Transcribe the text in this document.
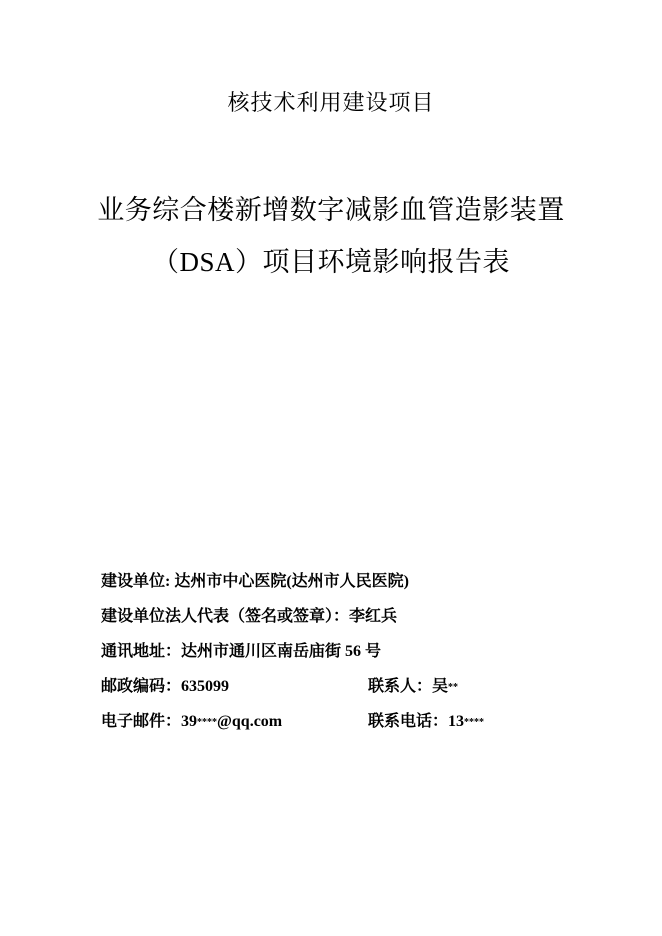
核技术利用建设项目
业务综合楼新增数字减影血管造影装置
（DSA）项目环境影响报告表
建设单位: 达州市中心医院(达州市人民医院)
建设单位法人代表（签名或签章）：李红兵
通讯地址：达州市通川区南岳庙街 56 号
邮政编码：635099	联系人：吴**
电子邮件：39****@qq.com	联系电话：13****
